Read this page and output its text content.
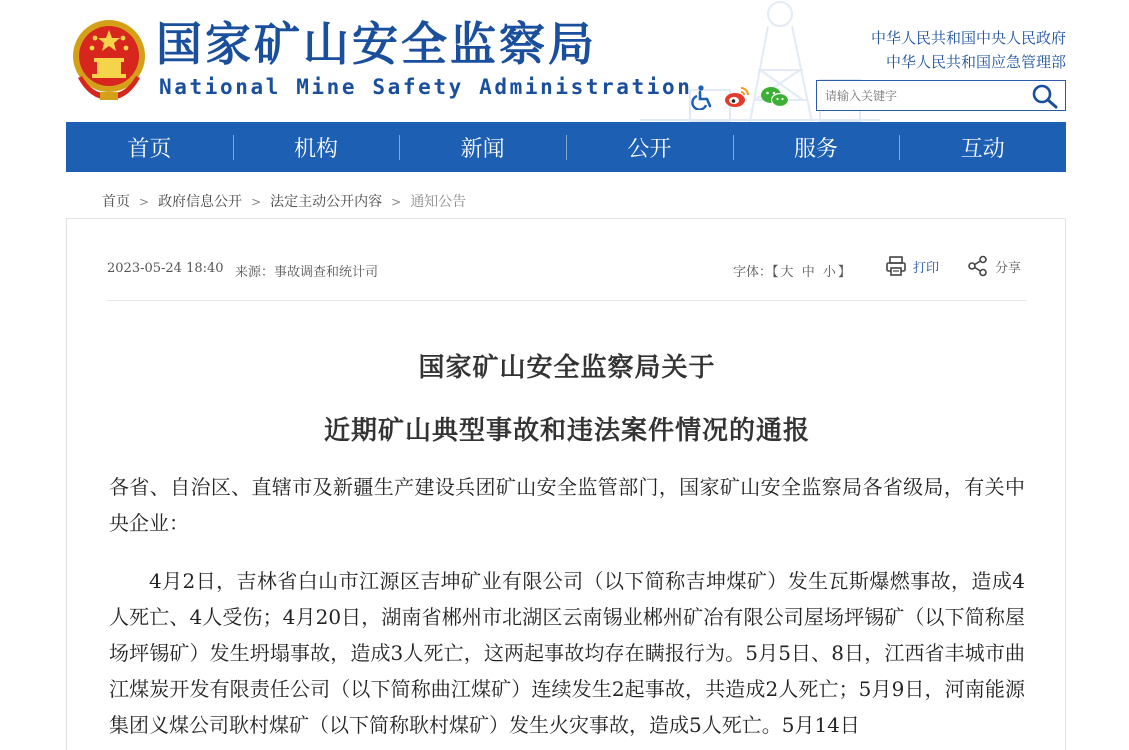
国家矿山安全监察局
National Mine Safety Administration
中华人民共和国中央人民政府
中华人民共和国应急管理部
请输入关键字
首页	机构	新闻	公开	服务	互动
首页 > 政府信息公开 > 法定主动公开内容 > 通知公告
2023-05-24 18:40 来源：事故调查和统计司	字体：【 大 中 小 】	打印	分享
国家矿山安全监察局关于
近期矿山典型事故和违法案件情况的通报

各省、自治区、直辖市及新疆生产建设兵团矿山安全监管部门，国家矿山安全监察局各省级局，有关中央企业：

4月2日，吉林省白山市江源区吉坤矿业有限公司（以下简称吉坤煤矿）发生瓦斯爆燃事故，造成4人死亡、4人受伤；4月20日，湖南省郴州市北湖区云南锡业郴州矿冶有限公司屋场坪锡矿（以下简称屋场坪锡矿）发生坍塌事故，造成3人死亡，这两起事故均存在瞒报行为。5月5日、8日，江西省丰城市曲江煤炭开发有限责任公司（以下简称曲江煤矿）连续发生2起事故，共造成2人死亡；5月9日，河南能源集团义煤公司耿村煤矿（以下简称耿村煤矿）发生火灾事故，造成5人死亡。5月14日
